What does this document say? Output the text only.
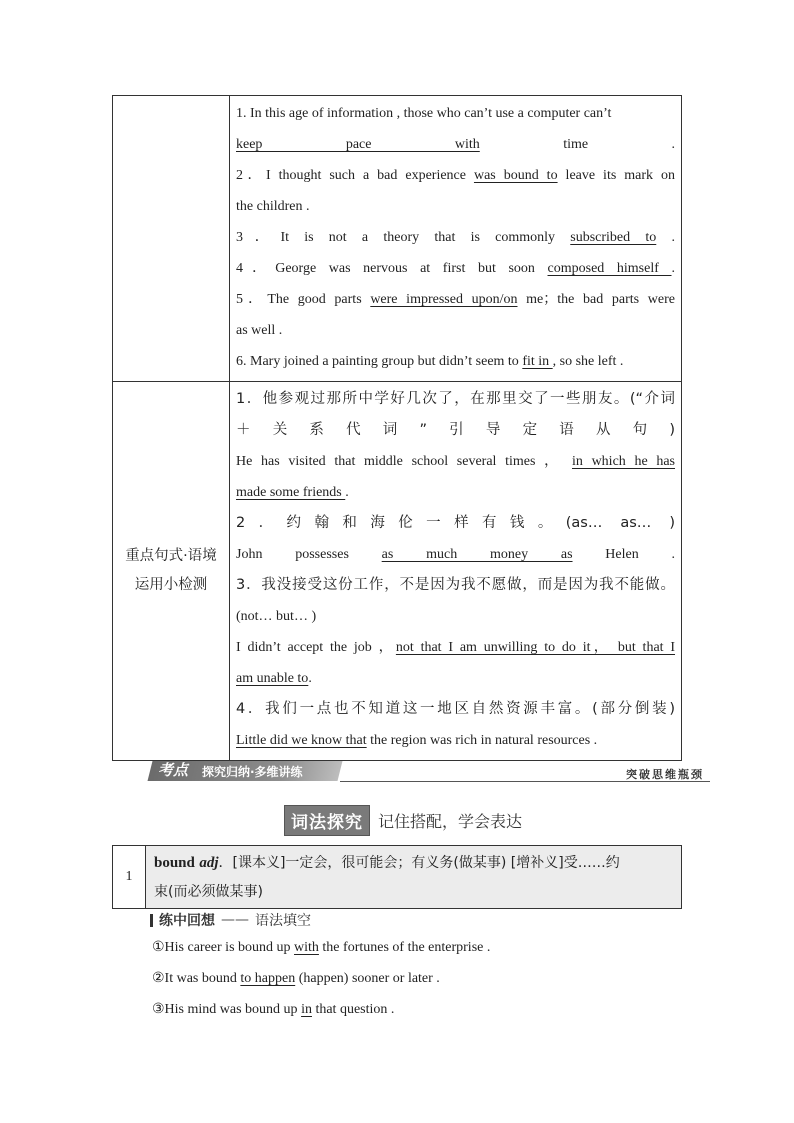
1. In this age of information , those who can’t use a computer can’t
keep pace with time .
2．I thought such a bad experience was bound to leave its mark on
the children .
3．It is not a theory that is commonly subscribed to .
4．George was nervous at first but soon composed himself .
5．The good parts were impressed upon/on me；the bad parts were
as well .
6. Mary joined a painting group but didn’t seem to fit in , so she left .
重点句式·语境运用小检测
1．他参观过那所中学好几次了，在那里交了一些朋友。(“介词
＋关系代词”引导定语从句)
He has visited that middle school several times ， in which he has
made some friends .
2．约翰和海伦一样有钱。(as… as… )
John possesses as much money as Helen .
3．我没接受这份工作，不是因为我不愿做，而是因为我不能做。
(not… but… )
I didn’t accept the job ，not that I am unwilling to do it， but that I
am unable to.
4．我们一点也不知道这一地区自然资源丰富。(部分倒装)
Little did we know that the region was rich in natural resources .
考点 探究归纳·多维讲练	突破思维瓶颈
词法探究 记住搭配，学会表达
1
bound adj．[课本义]一定会，很可能会；有义务(做某事) [增补义]受……约
束(而必须做某事)
练中回想 —— 语法填空
①His career is bound up with the fortunes of the enterprise .
②It was bound to happen (happen) sooner or later .
③His mind was bound up in that question .
